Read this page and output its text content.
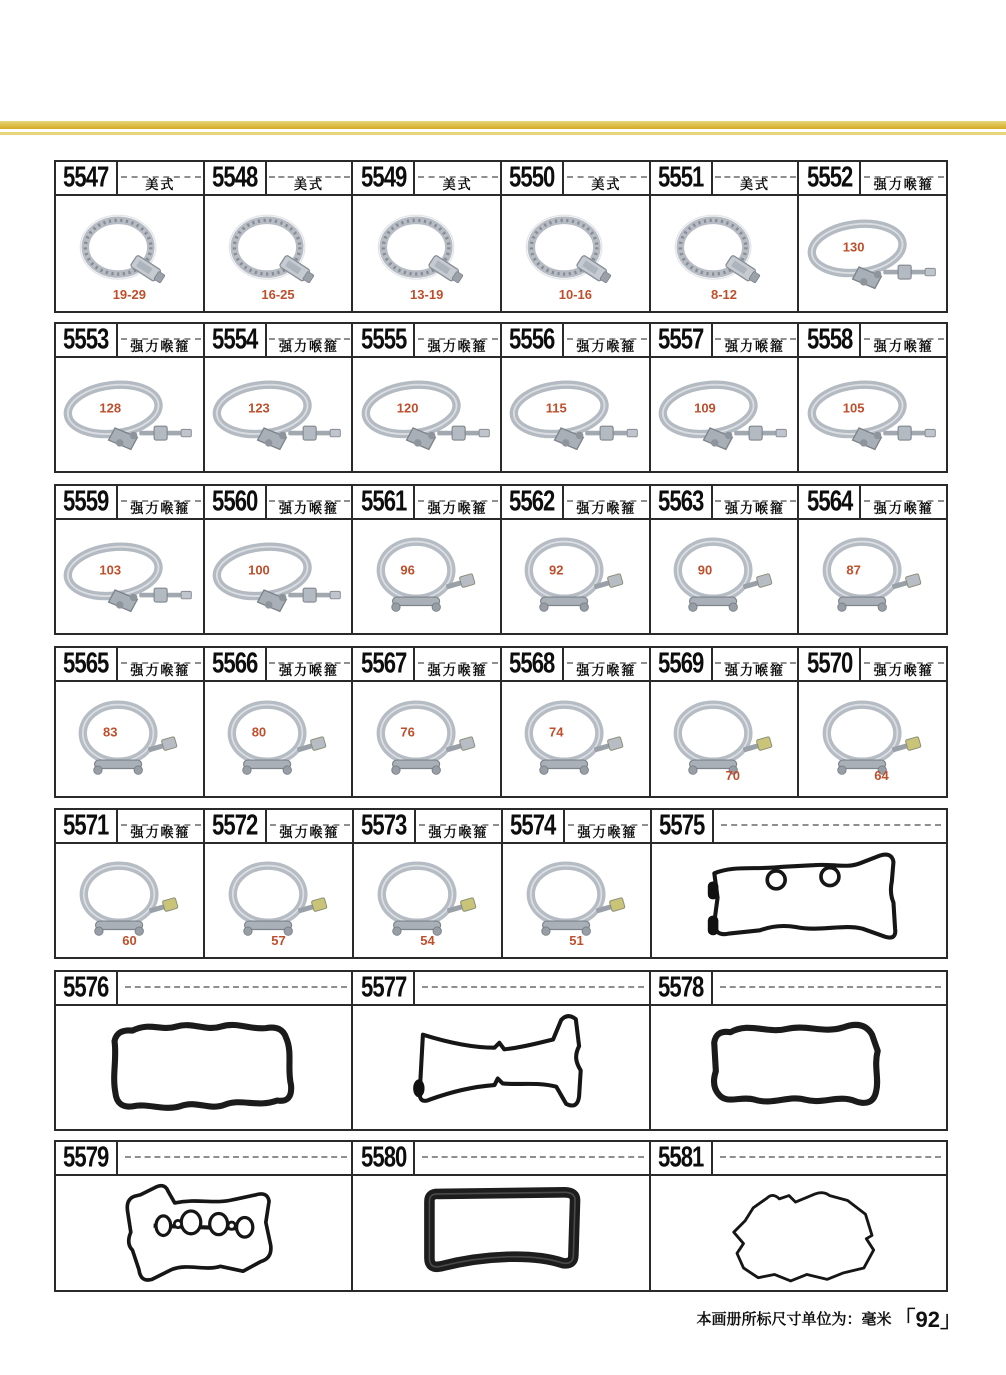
5547	美式
19-29
5548	美式
16-25
5549	美式
13-19
5550	美式
10-16
5551	美式
8-12
5552	强力喉箍
130
5553	强力喉箍
128
5554	强力喉箍
123
5555	强力喉箍
120
5556	强力喉箍
115
5557	强力喉箍
109
5558	强力喉箍
105
5559	强力喉箍
103
5560	强力喉箍
100
5561	强力喉箍
96
5562	强力喉箍
92
5563	强力喉箍
90
5564	强力喉箍
87
5565	强力喉箍
83
5566	强力喉箍
80
5567	强力喉箍
76
5568	强力喉箍
74
5569	强力喉箍
70
5570	强力喉箍
64
5571	强力喉箍
60
5572	强力喉箍
57
5573	强力喉箍
54
5574	强力喉箍
51
5575
5576	5577	5578
5579	5580	5581
本画册所标尺寸单位为：毫米 「92」
